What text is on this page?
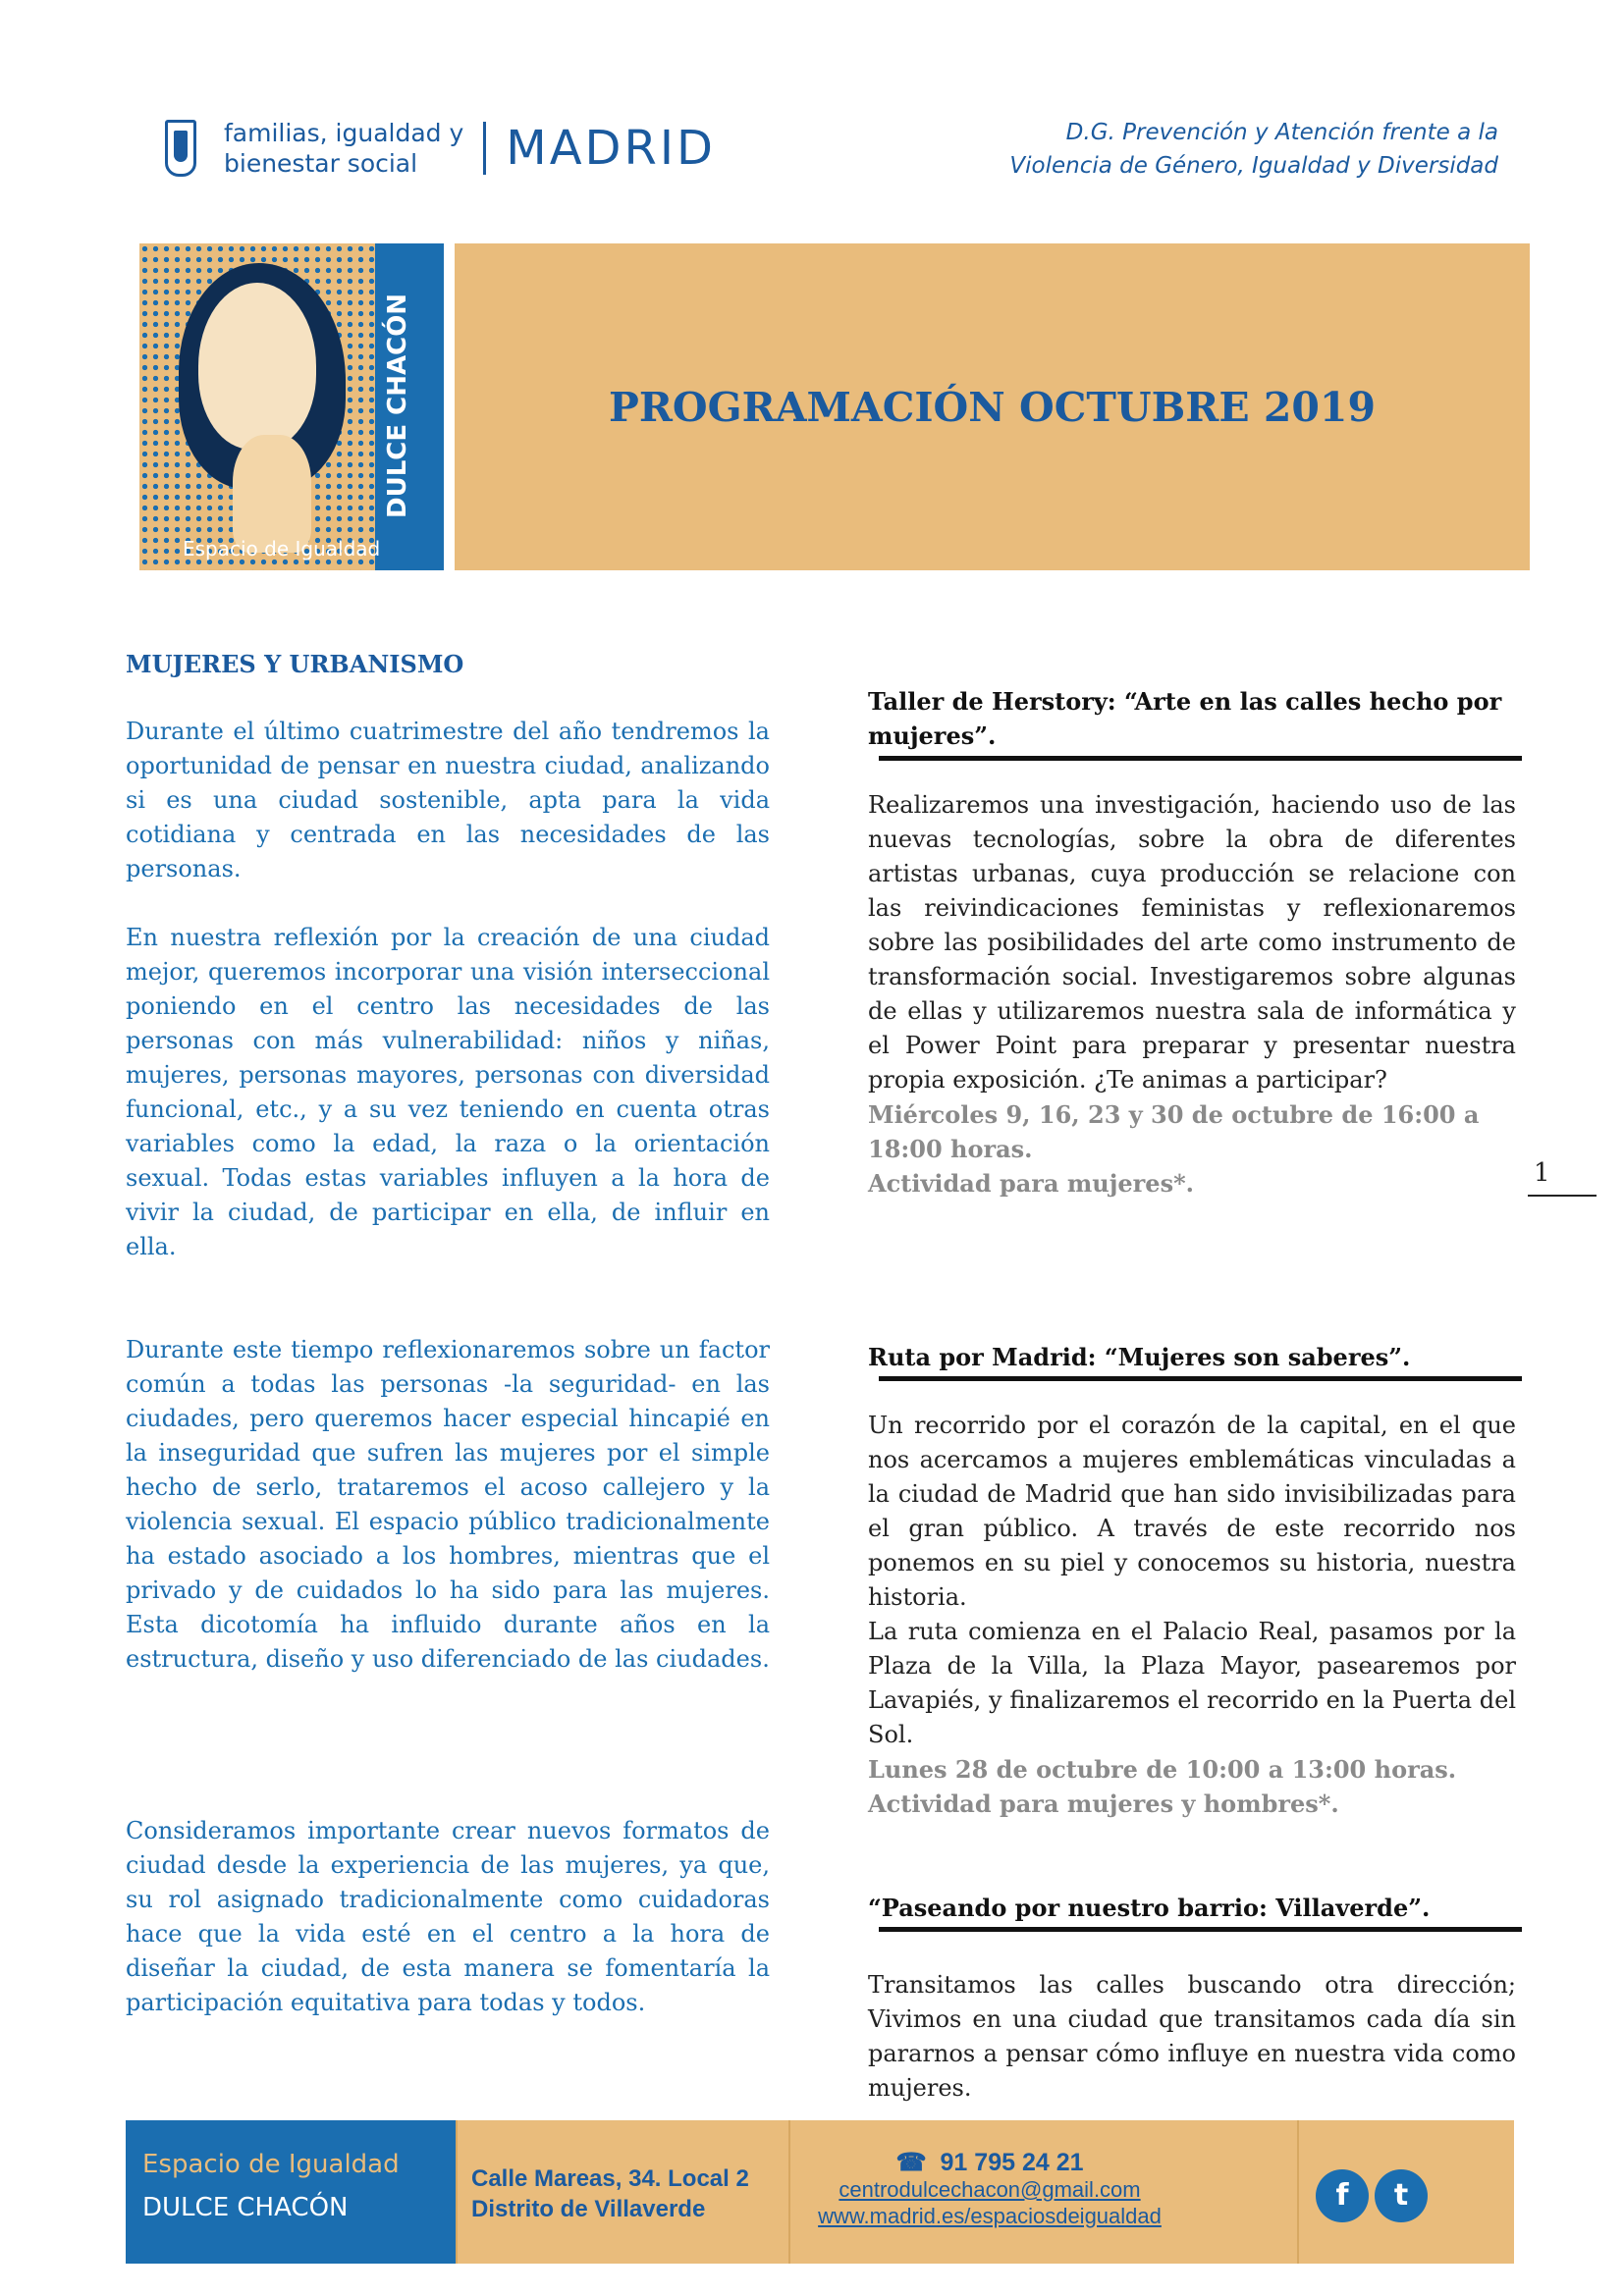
familias, igualdad y
bienestar social	MADRID	D.G. Prevención y Atención frente a la
Violencia de Género, Igualdad y Diversidad
Espacio de Igualdad
DULCE CHACÓN	PROGRAMACIÓN OCTUBRE 2019
MUJERES Y URBANISMO

Durante el último cuatrimestre del año tendremos la oportunidad de pensar en nuestra ciudad, analizando si es una ciudad sostenible, apta para la vida cotidiana y centrada en las necesidades de las personas.

En nuestra reflexión por la creación de una ciudad mejor, queremos incorporar una visión interseccional poniendo en el centro las necesidades de las personas con más vulnerabilidad: niños y niñas, mujeres, personas mayores, personas con diversidad funcional, etc., y a su vez teniendo en cuenta otras variables como la edad, la raza o la orientación sexual. Todas estas variables influyen a la hora de vivir la ciudad, de participar en ella, de influir en ella.

Durante este tiempo reflexionaremos sobre un factor común a todas las personas -la seguridad- en las ciudades, pero queremos hacer especial hincapié en la inseguridad que sufren las mujeres por el simple hecho de serlo, trataremos el acoso callejero y la violencia sexual. El espacio público tradicionalmente ha estado asociado a los hombres, mientras que el privado y de cuidados lo ha sido para las mujeres. Esta dicotomía ha influido durante años en la estructura, diseño y uso diferenciado de las ciudades.

Consideramos importante crear nuevos formatos de ciudad desde la experiencia de las mujeres, ya que, su rol asignado tradicionalmente como cuidadoras hace que la vida esté en el centro a la hora de diseñar la ciudad, de esta manera se fomentaría la participación equitativa para todas y todos.

Taller de Herstory: “Arte en las calles hecho por mujeres”.

Realizaremos una investigación, haciendo uso de las nuevas tecnologías, sobre la obra de diferentes artistas urbanas, cuya producción se relacione con las reivindicaciones feministas y reflexionaremos sobre las posibilidades del arte como instrumento de transformación social. Investigaremos sobre algunas de ellas y utilizaremos nuestra sala de informática y el Power Point para preparar y presentar nuestra propia exposición. ¿Te animas a participar?

Miércoles 9, 16, 23 y 30 de octubre de 16:00 a 18:00 horas.

Actividad para mujeres*.

Ruta por Madrid: “Mujeres son saberes”.

Un recorrido por el corazón de la capital, en el que nos acercamos a mujeres emblemáticas vinculadas a la ciudad de Madrid que han sido invisibilizadas para el gran público. A través de este recorrido nos ponemos en su piel y conocemos su historia, nuestra historia.

La ruta comienza en el Palacio Real, pasamos por la Plaza de la Villa, la Plaza Mayor, pasearemos por Lavapiés, y finalizaremos el recorrido en la Puerta del Sol.

Lunes 28 de octubre de 10:00 a 13:00 horas.

Actividad para mujeres y hombres*.

“Paseando por nuestro barrio: Villaverde”.

Transitamos las calles buscando otra dirección; Vivimos en una ciudad que transitamos cada día sin pararnos a pensar cómo influye en nuestra vida como mujeres.

1
Espacio de Igualdad
DULCE CHACÓN
Calle Mareas, 34. Local 2
Distrito de Villaverde
☎ 91 795 24 21
centrodulcechacon@gmail.com
www.madrid.es/espaciosdeigualdad
f	t
